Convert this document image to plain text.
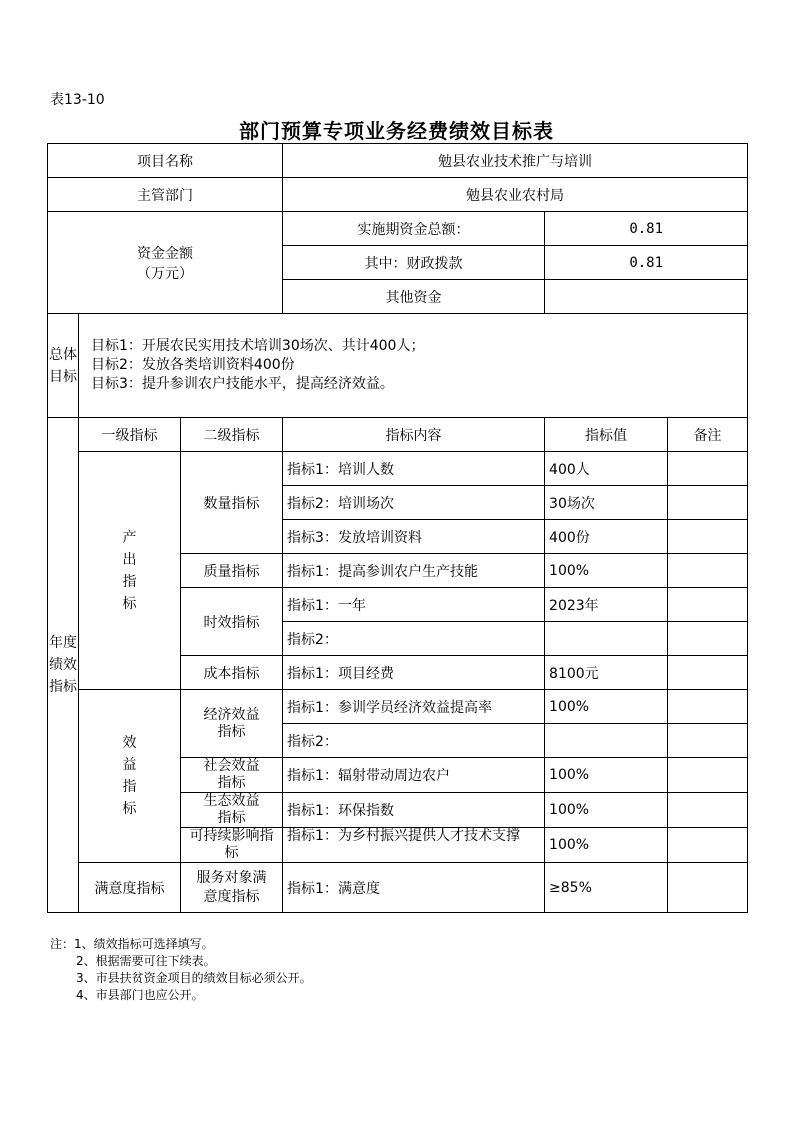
表13-10
部门预算专项业务经费绩效目标表
项目名称			勉县农业技术推广与培训		
主管部门			勉县农业农村局		

资金金额
（万元）			实施期资金总额：	0.81	
			其中：财政拨款	0.81	
			其他资金		
总体目标	目标1：开展农民实用技术培训30场次、共计400人；
目标2：发放各类培训资料400份
目标3：提升参训农户技能水平，提高经济效益。				

年度绩效指标	一级指标	二级指标	指标内容	指标值	备注

	产出指标	数量指标	指标1：培训人数	400人	
			指标2：培训场次	30场次	
			指标3：发放培训资料	400份	
		质量指标	指标1：提高参训农户生产技能	100%	
		时效指标	指标1：一年	2023年	
			指标2：		
		成本指标	指标1：项目经费	8100元	

	效益指标	经济效益指标	指标1：参训学员经济效益提高率	100%	
			指标2：		

		社会效益指标	指标1：辐射带动周边农户	100%	

		生态效益指标	指标1：环保指数	100%	

		可持续影响指标	指标1：为乡村振兴提供人才技术支撑	100%	
	满意度指标	服务对象满意度指标	指标1：满意度	≥85%	
注：1、绩效指标可选择填写。
2、根据需要可往下续表。
3、市县扶贫资金项目的绩效目标必须公开。
4、市县部门也应公开。
